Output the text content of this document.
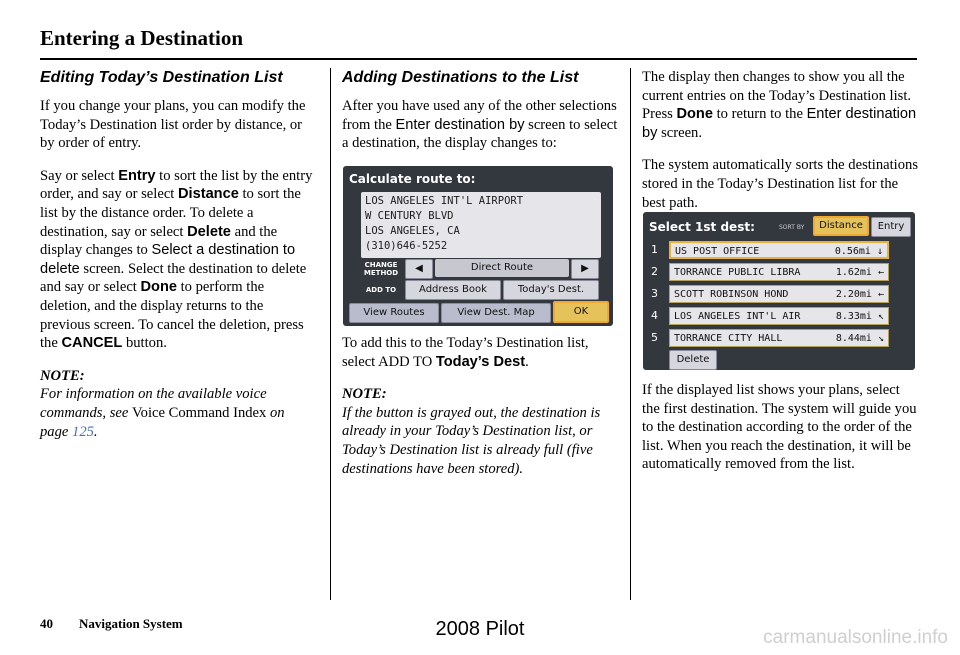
Entering a Destination
Editing Today’s Destination List

If you change your plans, you can modify the Today’s Destination list order by distance, or by order of entry.

Say or select Entry to sort the list by the entry order, and say or select Distance to sort the list by the distance order. To delete a destination, say or select Delete and the display changes to Select a destination to delete screen. Select the destination to delete and say or select Done to perform the deletion, and the display returns to the previous screen. To cancel the deletion, press the CANCEL button.

NOTE:

For information on the available voice commands, see Voice Command Index on page 125.

Adding Destinations to the List

After you have used any of the other selections from the Enter destination by screen to select a destination, the display changes to:

To add this to the Today’s Destination list, select ADD TO Today’s Dest.

NOTE:

If the button is grayed out, the destination is already in your Today’s Destination list, or Today’s Destination list is already full (five destinations have been stored).

Calculate route to:
LOS ANGELES INT'L AIRPORT
W CENTURY BLVD
LOS ANGELES, CA
(310)646-5252
CHANGE
METHOD	◀	Direct Route	▶
ADD TO	Address Book	Today's Dest.
View Routes	View Dest. Map	OK

The display then changes to show you all the current entries on the Today’s Destination list. Press Done to return to the Enter destination by screen.

The system automatically sorts the destinations stored in the Today’s Destination list for the best path.

If the displayed list shows your plans, select the first destination. The system will guide you to the destination according to the order of the list. When you reach the destination, it will be automatically removed from the list.

Select 1st dest:	SORT BY	Distance	Entry
1	US POST OFFICE	0.56mi ↓
2	TORRANCE PUBLIC LIBRA	1.62mi ←
3	SCOTT ROBINSON HOND	2.20mi ←
4	LOS ANGELES INT'L AIR	8.33mi ↖
5	TORRANCE CITY HALL	8.44mi ↘
Delete
40 Navigation System	2008 Pilot	carmanualsonline.info
